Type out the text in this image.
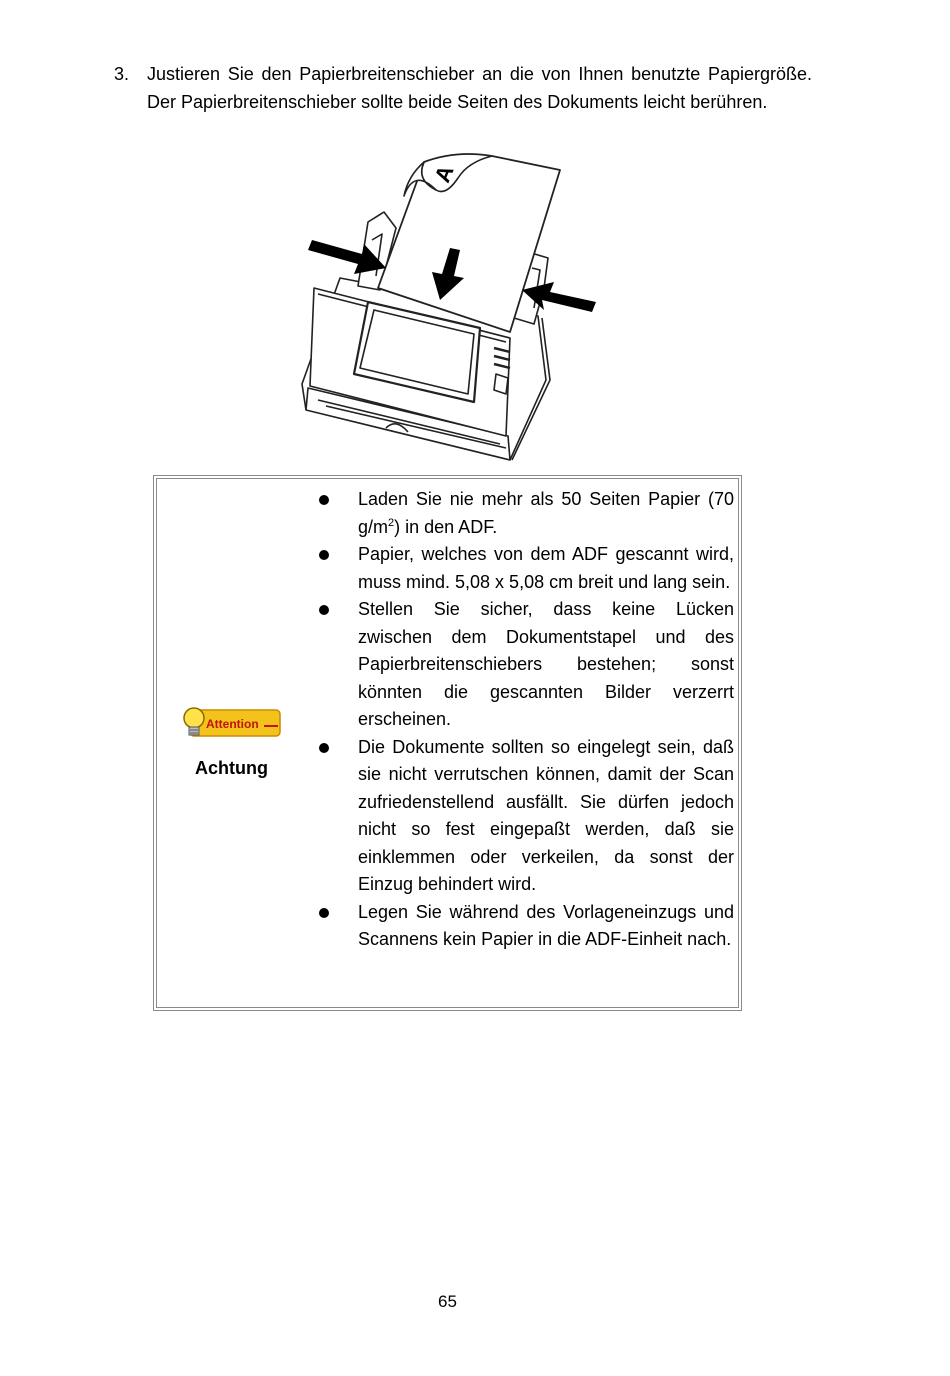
3. Justieren Sie den Papierbreitenschieber an die von Ihnen benutzte Papiergröße. Der Papierbreitenschieber sollte beide Seiten des Dokuments leicht berühren.
A
Attention
Achtung
Laden Sie nie mehr als 50 Seiten Papier (70 $g/m^2$) in den ADF.
Papier, welches von dem ADF gescannt wird, muss mind. 5,08 x 5,08 cm breit und lang sein.
Stellen Sie sicher, dass keine Lücken zwischen dem Dokumentstapel und des Papierbreitenschiebers bestehen; sonst könnten die gescannten Bilder verzerrt erscheinen.
Die Dokumente sollten so eingelegt sein, daß sie nicht verrutschen können, damit der Scan zufriedenstellend ausfällt. Sie dürfen jedoch nicht so fest eingepaßt werden, daß sie einklemmen oder verkeilen, da sonst der Einzug behindert wird.
Legen Sie während des Vorlageneinzugs und Scannens kein Papier in die ADF-Einheit nach.
65
